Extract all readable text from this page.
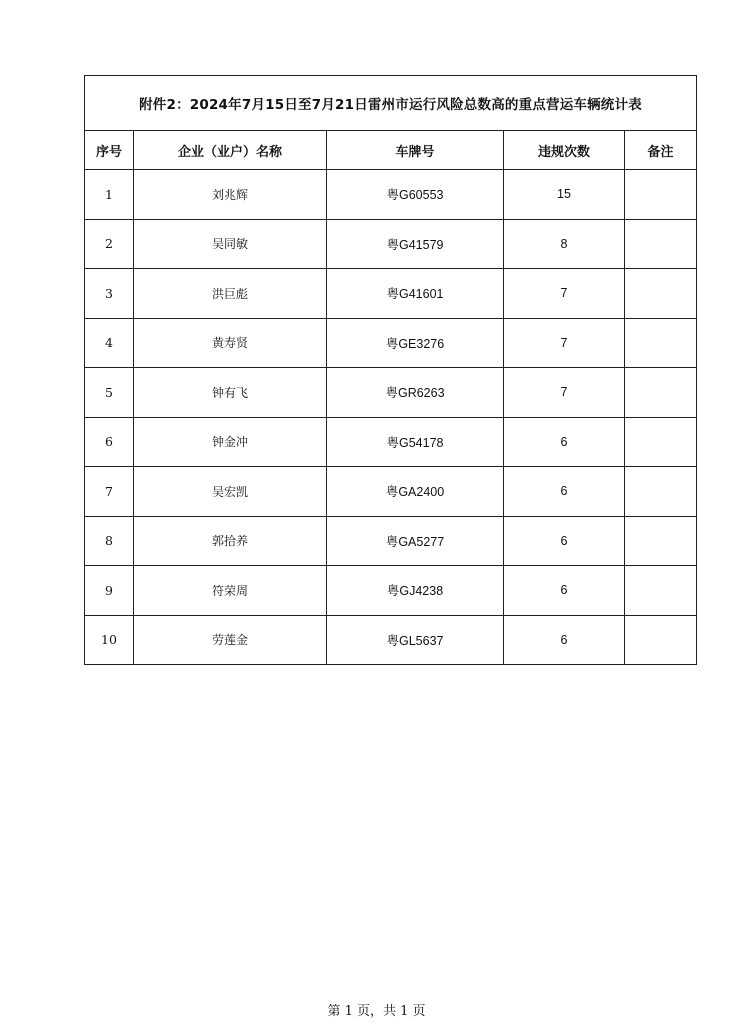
附件2：2024年7月15日至7月21日雷州市运行风险总数高的重点营运车辆统计表				
序号	企业（业户）名称	车牌号	违规次数	备注
1	刘兆辉	粤G60553	15	
2	吴同敏	粤G41579	8	
3	洪巨彪	粤G41601	7	
4	黄寿贤	粤GE3276	7	
5	钟有飞	粤GR6263	7	
6	钟金冲	粤G54178	6	
7	吴宏凯	粤GA2400	6	
8	郭拾养	粤GA5277	6	
9	符荣周	粤GJ4238	6	
10	劳莲金	粤GL5637	6	
第 1 页，共 1 页
